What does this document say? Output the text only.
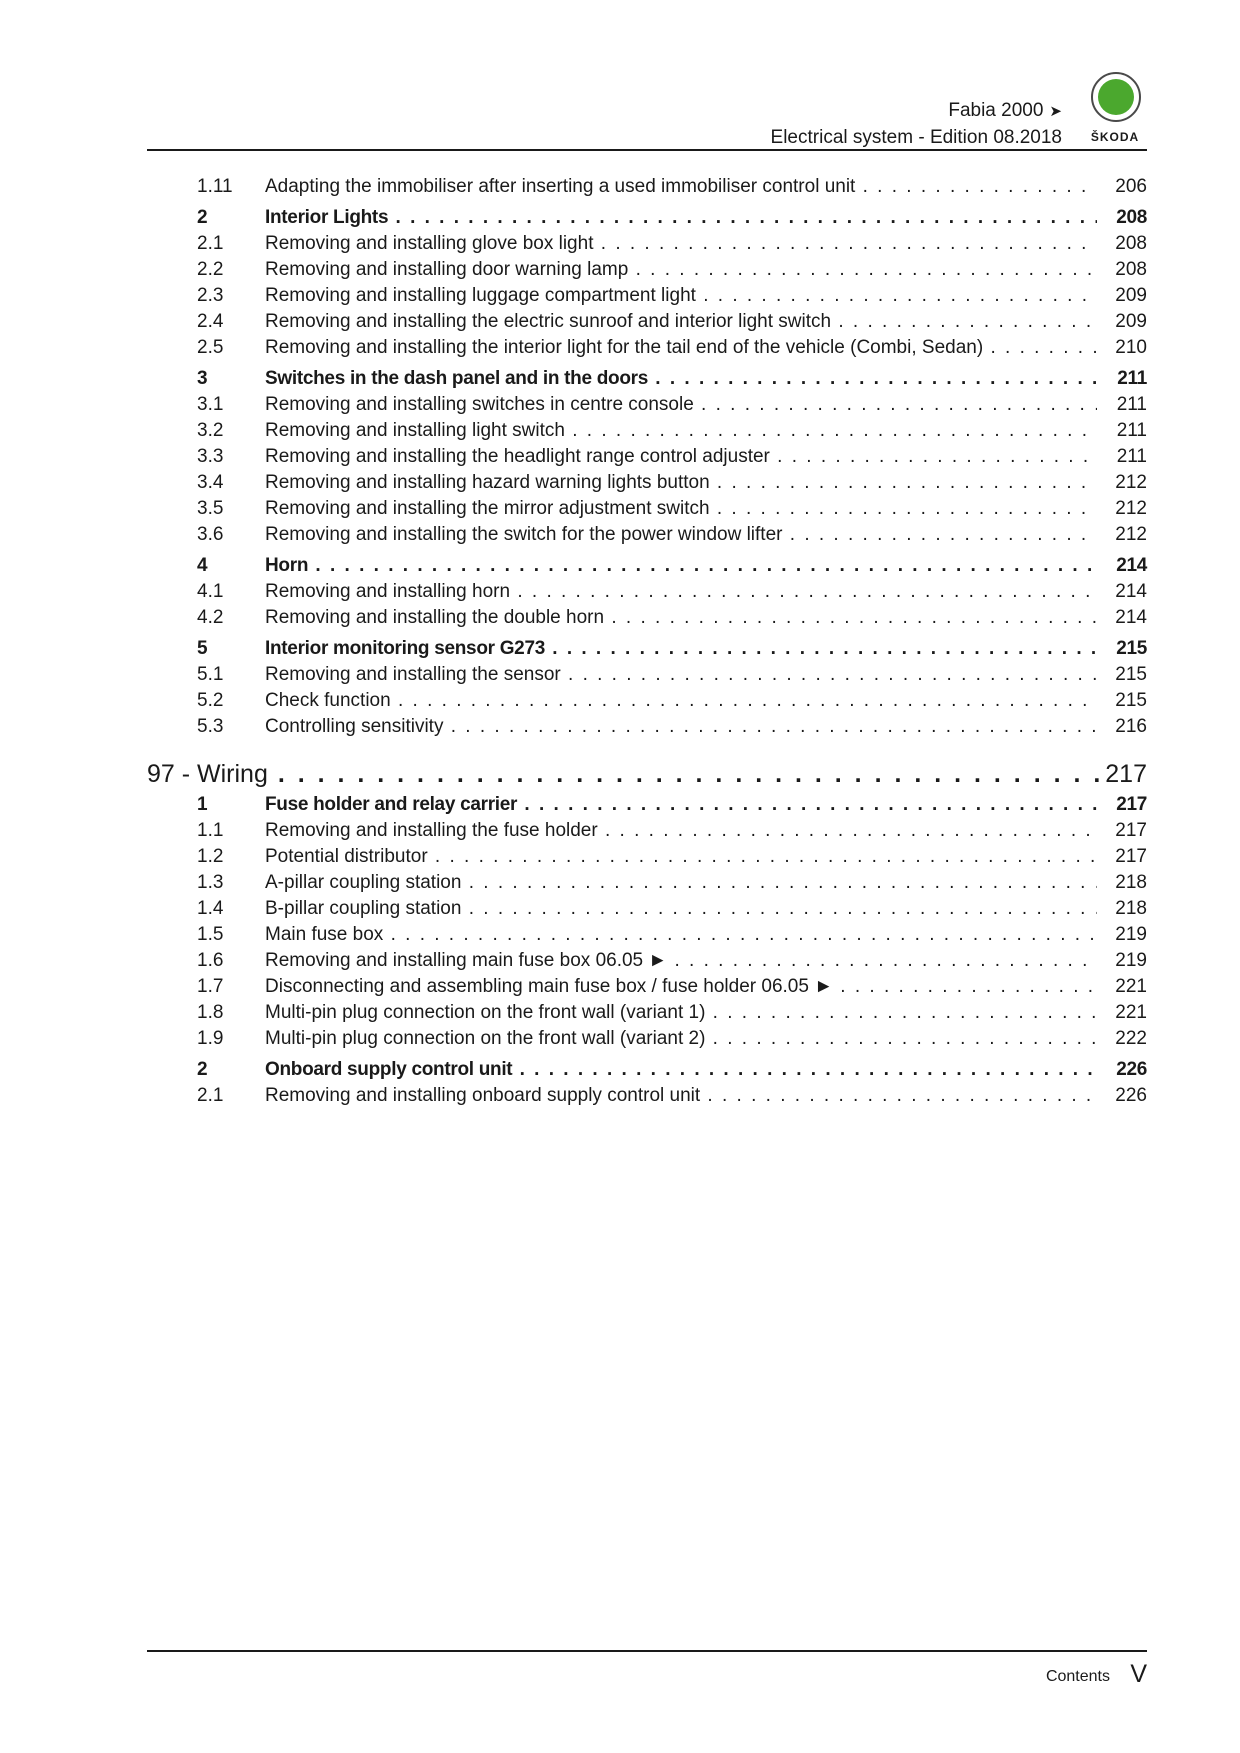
Fabia 2000 ➤
Electrical system - Edition 08.2018	ŠKODA
1.11 Adapting the immobiliser after inserting a used immobiliser control unit . . .	206
2	Interior Lights . . .	208
2.1 Removing and installing glove box light . . .	208
2.2 Removing and installing door warning lamp . . .	208
2.3 Removing and installing luggage compartment light . . .	209
2.4 Removing and installing the electric sunroof and interior light switch . . .	209
2.5 Removing and installing the interior light for the tail end of the vehicle (Combi, Sedan) . . .	210
3	Switches in the dash panel and in the doors . . .	211
3.1 Removing and installing switches in centre console . . .	211
3.2 Removing and installing light switch . . .	211
3.3 Removing and installing the headlight range control adjuster . . .	211
3.4 Removing and installing hazard warning lights button . . .	212
3.5 Removing and installing the mirror adjustment switch . . .	212
3.6 Removing and installing the switch for the power window lifter . . .	212
4	Horn . . .	214
4.1 Removing and installing horn . . .	214
4.2 Removing and installing the double horn . . .	214
5	Interior monitoring sensor G273 . . .	215
5.1 Removing and installing the sensor . . .	215
5.2 Check function . . .	215
5.3 Controlling sensitivity . . .	216
97 - Wiring . . .	217
1	Fuse holder and relay carrier . . .	217
1.1 Removing and installing the fuse holder . . .	217
1.2 Potential distributor . . .	217
1.3 A-pillar coupling station . . .	218
1.4 B-pillar coupling station . . .	218
1.5 Main fuse box . . .	219
1.6 Removing and installing main fuse box 06.05 ► . . .	219
1.7 Disconnecting and assembling main fuse box / fuse holder 06.05 ► . . .	221
1.8 Multi-pin plug connection on the front wall (variant 1) . . .	221
1.9 Multi-pin plug connection on the front wall (variant 2) . . .	222
2	Onboard supply control unit . . .	226
2.1 Removing and installing onboard supply control unit . . .	226
Contents V
